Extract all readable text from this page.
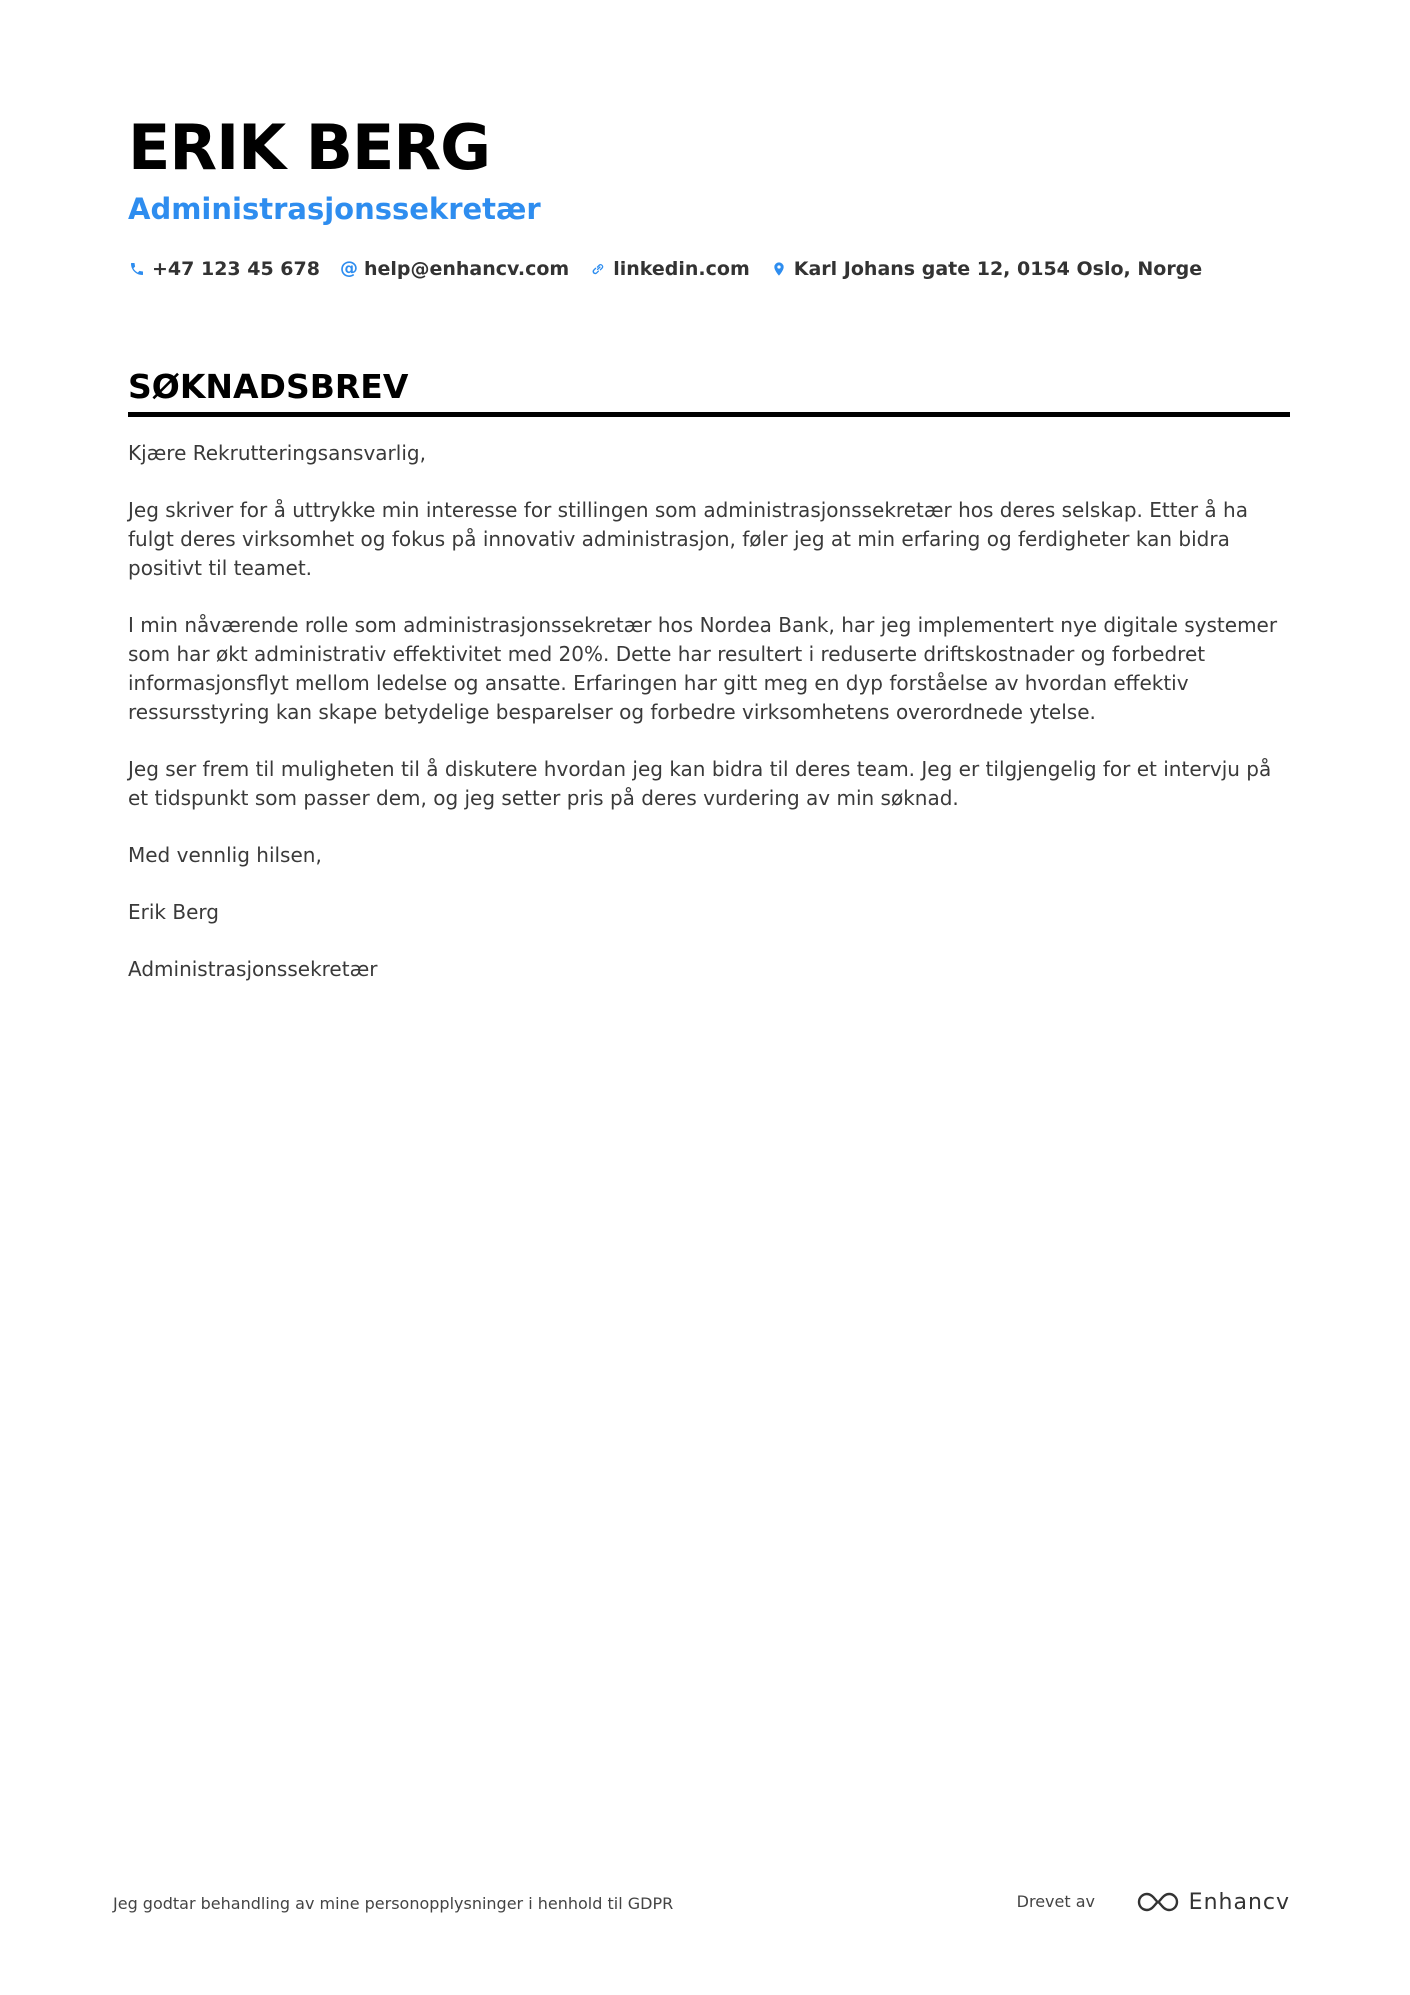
ERIK BERG
Administrasjonssekretær
+47 123 45 678 @ help@enhancv.com linkedin.com Karl Johans gate 12, 0154 Oslo, Norge
SØKNADSBREV

Kjære Rekrutteringsansvarlig,

Jeg skriver for å uttrykke min interesse for stillingen som administrasjonssekretær hos deres selskap. Etter å ha fulgt deres virksomhet og fokus på innovativ administrasjon, føler jeg at min erfaring og ferdigheter kan bidra positivt til teamet.

I min nåværende rolle som administrasjonssekretær hos Nordea Bank, har jeg implementert nye digitale systemer som har økt administrativ effektivitet med 20%. Dette har resultert i reduserte driftskostnader og forbedret informasjonsflyt mellom ledelse og ansatte. Erfaringen har gitt meg en dyp forståelse av hvordan effektiv ressursstyring kan skape betydelige besparelser og forbedre virksomhetens overordnede ytelse.

Jeg ser frem til muligheten til å diskutere hvordan jeg kan bidra til deres team. Jeg er tilgjengelig for et intervju på et tidspunkt som passer dem, og jeg setter pris på deres vurdering av min søknad.

Med vennlig hilsen,

Erik Berg

Administrasjonssekretær

Jeg godtar behandling av mine personopplysninger i henhold til GDPR	Drevet av	Enhancv
